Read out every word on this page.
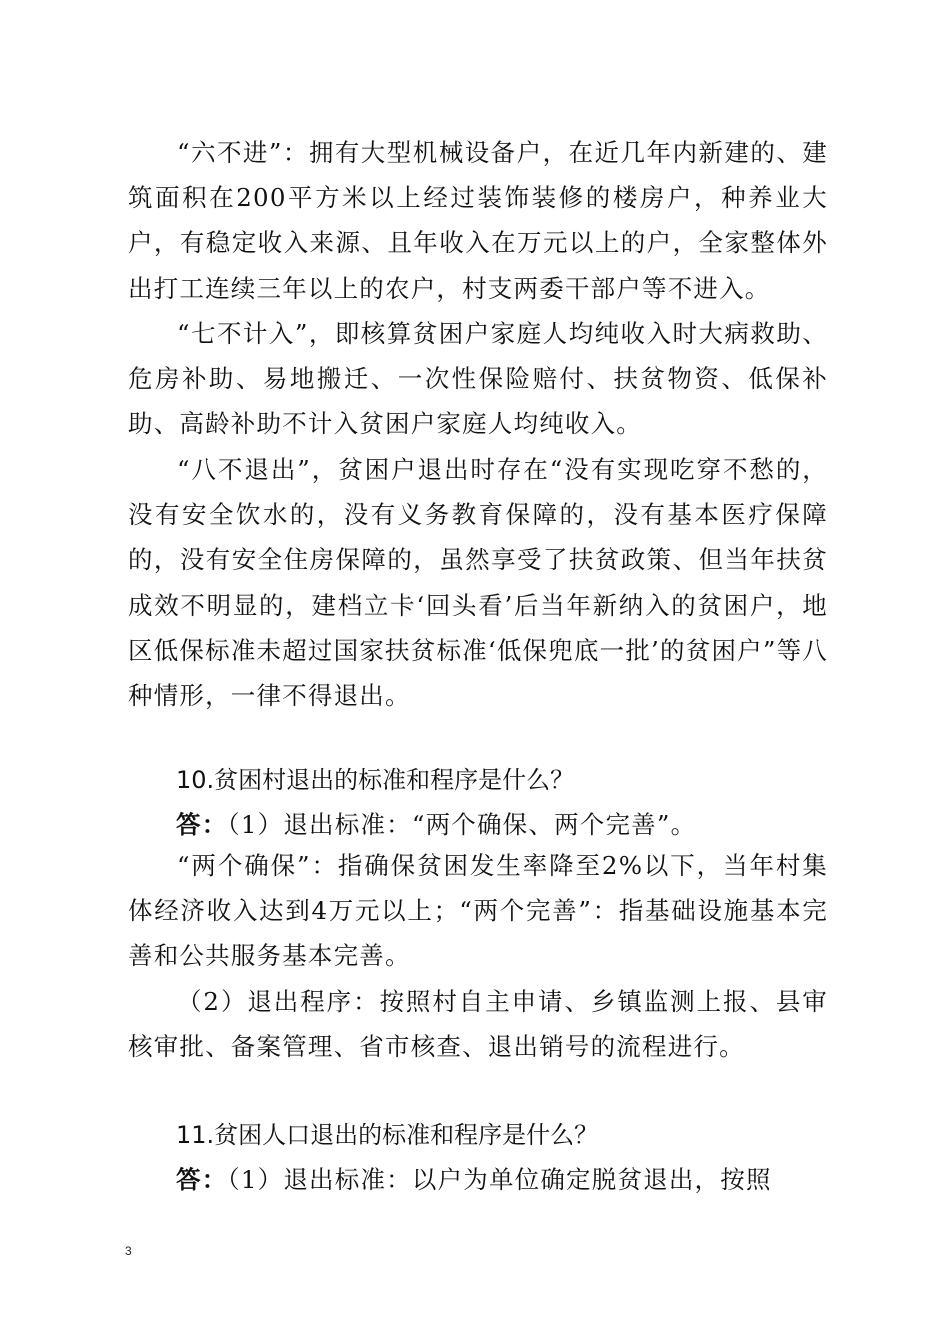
“六不进”：拥有大型机械设备户，在近几年内新建的、建筑面积在200平方米以上经过装饰装修的楼房户，种养业大户，有稳定收入来源、且年收入在万元以上的户，全家整体外出打工连续三年以上的农户，村支两委干部户等不进入。

“七不计入”，即核算贫困户家庭人均纯收入时大病救助、危房补助、易地搬迁、一次性保险赔付、扶贫物资、低保补助、高龄补助不计入贫困户家庭人均纯收入。

“八不退出”，贫困户退出时存在“没有实现吃穿不愁的，没有安全饮水的，没有义务教育保障的，没有基本医疗保障的，没有安全住房保障的，虽然享受了扶贫政策、但当年扶贫成效不明显的，建档立卡‘回头看’后当年新纳入的贫困户，地区低保标准未超过国家扶贫标准‘低保兜底一批’的贫困户”等八种情形，一律不得退出。

10.贫困村退出的标准和程序是什么？

答：（1）退出标准：“两个确保、两个完善”。

“两个确保”：指确保贫困发生率降至2%以下，当年村集体经济收入达到4万元以上；“两个完善”：指基础设施基本完善和公共服务基本完善。

（2）退出程序：按照村自主申请、乡镇监测上报、县审核审批、备案管理、省市核查、退出销号的流程进行。

11.贫困人口退出的标准和程序是什么？

答：（1）退出标准：以户为单位确定脱贫退出，按照

3
